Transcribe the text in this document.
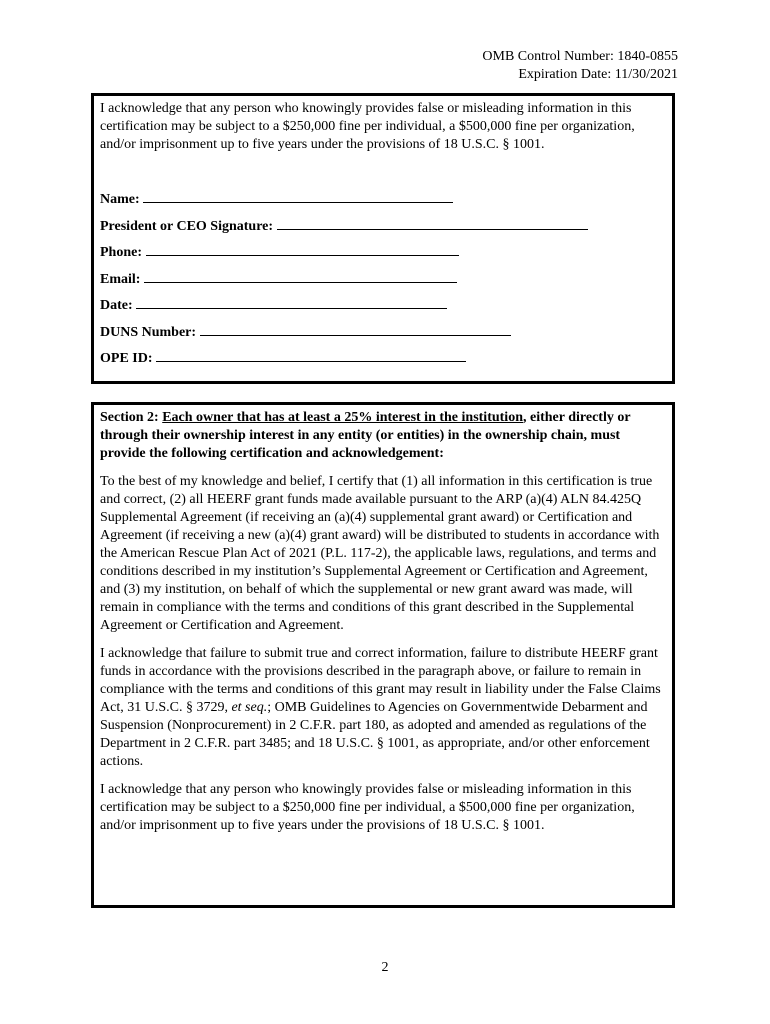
OMB Control Number: 1840-0855
Expiration Date: 11/30/2021

I acknowledge that any person who knowingly provides false or misleading information in this certification may be subject to a $250,000 fine per individual, a $500,000 fine per organization, and/or imprisonment up to five years under the provisions of 18 U.S.C. § 1001.

Name:
President or CEO Signature:
Phone:
Email:
Date:
DUNS Number:
OPE ID:

Section 2: Each owner that has at least a 25% interest in the institution, either directly or through their ownership interest in any entity (or entities) in the ownership chain, must provide the following certification and acknowledgement:

To the best of my knowledge and belief, I certify that (1) all information in this certification is true and correct, (2) all HEERF grant funds made available pursuant to the ARP (a)(4) ALN 84.425Q Supplemental Agreement (if receiving an (a)(4) supplemental grant award) or Certification and Agreement (if receiving a new (a)(4) grant award) will be distributed to students in accordance with the American Rescue Plan Act of 2021 (P.L. 117-2), the applicable laws, regulations, and terms and conditions described in my institution’s Supplemental Agreement or Certification and Agreement, and (3) my institution, on behalf of which the supplemental or new grant award was made, will remain in compliance with the terms and conditions of this grant described in the Supplemental Agreement or Certification and Agreement.

I acknowledge that failure to submit true and correct information, failure to distribute HEERF grant funds in accordance with the provisions described in the paragraph above, or failure to remain in compliance with the terms and conditions of this grant may result in liability under the False Claims Act, 31 U.S.C. § 3729, et seq.; OMB Guidelines to Agencies on Governmentwide Debarment and Suspension (Nonprocurement) in 2 C.F.R. part 180, as adopted and amended as regulations of the Department in 2 C.F.R. part 3485; and 18 U.S.C. § 1001, as appropriate, and/or other enforcement actions.

I acknowledge that any person who knowingly provides false or misleading information in this certification may be subject to a $250,000 fine per individual, a $500,000 fine per organization, and/or imprisonment up to five years under the provisions of 18 U.S.C. § 1001.

2
